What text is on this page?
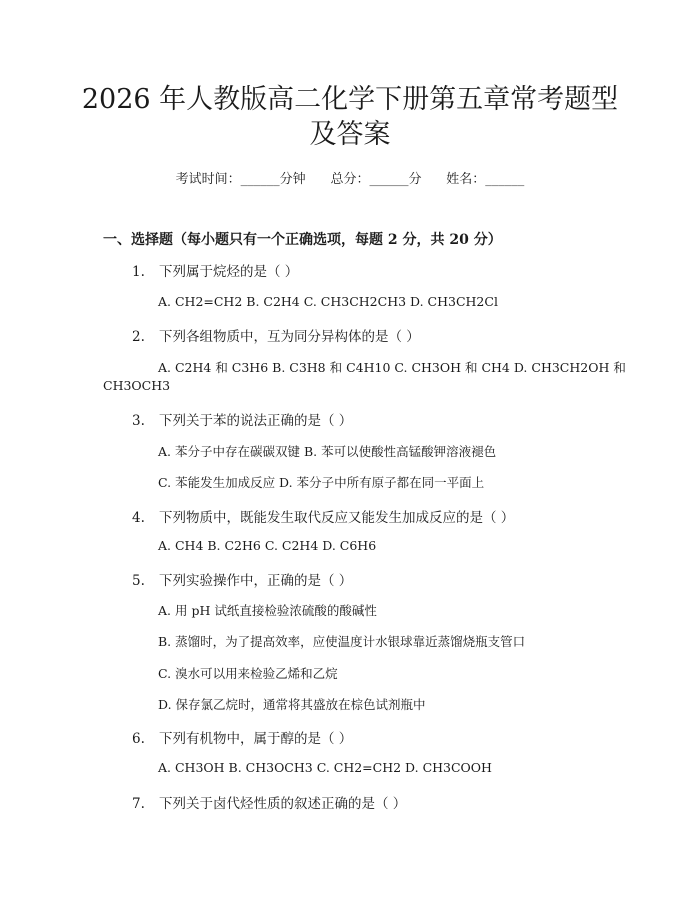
2026 年人教版高二化学下册第五章常考题型
及答案
考试时间：______分钟 总分：______分 姓名：______
一、选择题（每小题只有一个正确选项，每题 2 分，共 20 分）
1. 下列属于烷烃的是（ ）
A. CH2=CH2 B. C2H4 C. CH3CH2CH3 D. CH3CH2Cl
2. 下列各组物质中，互为同分异构体的是（ ）
A. C2H4 和 C3H6 B. C3H8 和 C4H10 C. CH3OH 和 CH4 D. CH3CH2OH 和
CH3OCH3
3. 下列关于苯的说法正确的是（ ）
A. 苯分子中存在碳碳双键 B. 苯可以使酸性高锰酸钾溶液褪色
C. 苯能发生加成反应 D. 苯分子中所有原子都在同一平面上
4. 下列物质中，既能发生取代反应又能发生加成反应的是（ ）
A. CH4 B. C2H6 C. C2H4 D. C6H6
5. 下列实验操作中，正确的是（ ）
A. 用 pH 试纸直接检验浓硫酸的酸碱性
B. 蒸馏时，为了提高效率，应使温度计水银球靠近蒸馏烧瓶支管口
C. 溴水可以用来检验乙烯和乙烷
D. 保存氯乙烷时，通常将其盛放在棕色试剂瓶中
6. 下列有机物中，属于醇的是（ ）
A. CH3OH B. CH3OCH3 C. CH2=CH2 D. CH3COOH
7. 下列关于卤代烃性质的叙述正确的是（ ）
